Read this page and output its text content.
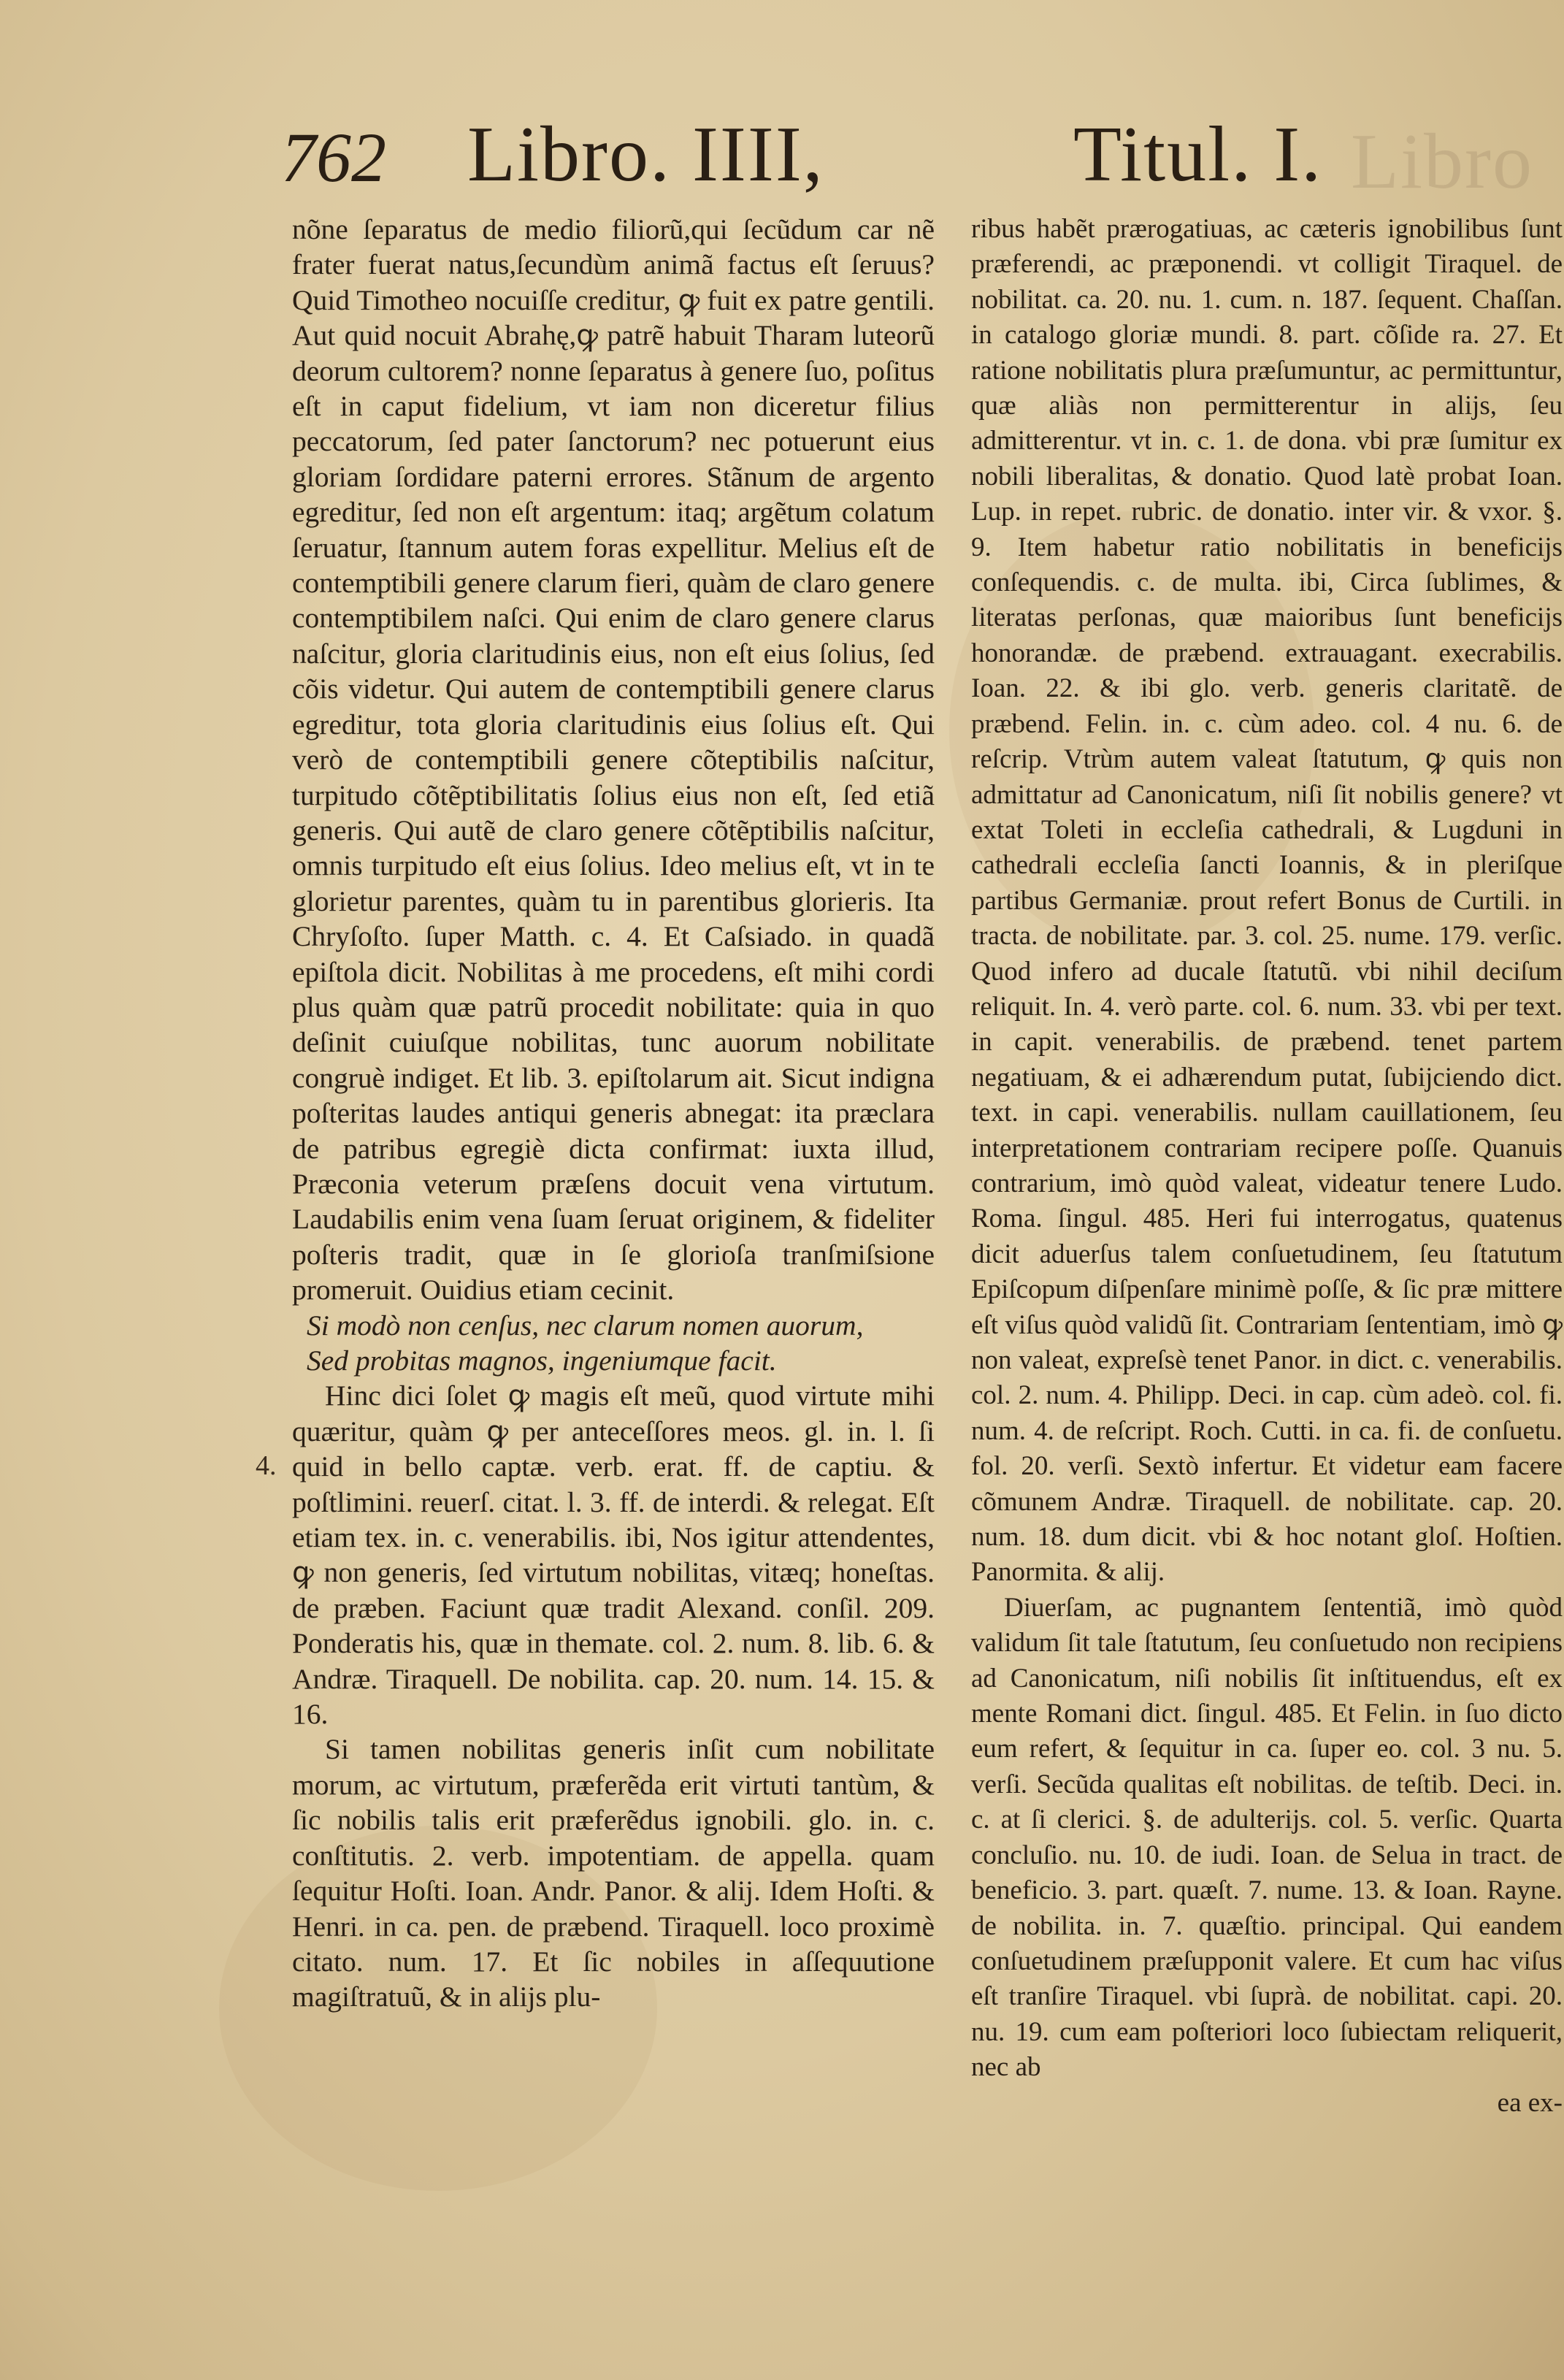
Libro
762 Libro. IIII,	Titul. I.

nõne ſeparatus de medio filiorũ,qui ſecũdum car nẽ frater fuerat natus,ſecundùm animã factus eſt ſeruus? Quid Timotheo nocuiſſe creditur, ꝙ fuit ex patre gentili. Aut quid nocuit Abrahę,ꝙ patrẽ habuit Tharam luteorũ deorum cultorem? nonne ſeparatus à genere ſuo, poſitus eſt in caput fidelium, vt iam non diceretur filius peccatorum, ſed pater ſanctorum? nec potuerunt eius gloriam ſordidare paterni errores. Stãnum de argento egreditur, ſed non eſt argentum: itaq; argẽtum colatum ſeruatur, ſtannum autem foras expellitur. Melius eſt de contemptibili genere clarum fieri, quàm de claro genere contemptibilem naſci. Qui enim de claro genere clarus naſcitur, gloria claritudinis eius, non eſt eius ſolius, ſed cõis videtur. Qui autem de contemptibili genere clarus egreditur, tota gloria claritudinis eius ſolius eſt. Qui verò de contemptibili genere cõteptibilis naſcitur, turpitudo cõtẽptibilitatis ſolius eius non eſt, ſed etiã generis. Qui autẽ de claro genere cõtẽptibilis naſcitur, omnis turpitudo eſt eius ſolius. Ideo melius eſt, vt in te glorietur parentes, quàm tu in parentibus glorieris. Ita Chryſoſto. ſuper Matth. c. 4. Et Caſsiado. in quadã epiſtola dicit. Nobilitas à me procedens, eſt mihi cordi plus quàm quæ patrũ procedit nobilitate: quia in quo deſinit cuiuſque nobilitas, tunc auorum nobilitate congruè indiget. Et lib. 3. epiſtolarum ait. Sicut indigna poſteritas laudes antiqui generis abnegat: ita præclara de patribus egregiè dicta confirmat: iuxta illud, Præconia veterum præſens docuit vena virtutum. Laudabilis enim vena ſuam ſeruat originem, & fideliter poſteris tradit, quæ in ſe glorioſa tranſmiſsione promeruit. Ouidius etiam cecinit.

Si modò non cenſus, nec clarum nomen auorum,

Sed probitas magnos, ingeniumque facit.

Hinc dici ſolet ꝙ magis eſt meũ, quod virtute mihi quæritur, quàm ꝙ per anteceſſores meos. gl. in. l. ſi quid in bello captæ. verb. erat. ff. de captiu. & poſtlimini. reuerſ. citat. l. 3. ff. de interdi. & relegat. Eſt etiam tex. in. c. venerabilis. ibi, Nos igitur attendentes, ꝙ non generis, ſed virtutum nobilitas, vitæq; honeſtas. de præben. Faciunt quæ tradit Alexand. conſil. 209. Ponderatis his, quæ in themate. col. 2. num. 8. lib. 6. & Andræ. Tiraquell. De nobilita. cap. 20. num. 14. 15. & 16.

Si tamen nobilitas generis inſit cum nobilitate morum, ac virtutum, præferẽda erit virtuti tantùm, & ſic nobilis talis erit præferẽdus ignobili. glo. in. c. conſtitutis. 2. verb. impotentiam. de appella. quam ſequitur Hoſti. Ioan. Andr. Panor. & alij. Idem Hoſti. & Henri. in ca. pen. de præbend. Tiraquell. loco proximè citato. num. 17. Et ſic nobiles in aſſequutione magiſtratuũ, & in alijs plu-

4.

ribus habẽt prærogatiuas, ac cæteris ignobilibus ſunt præferendi, ac præponendi. vt colligit Tiraquel. de nobilitat. ca. 20. nu. 1. cum. n. 187. ſequent. Chaſſan. in catalogo gloriæ mundi. 8. part. cõſide ra. 27. Et ratione nobilitatis plura præſumuntur, ac permittuntur, quæ aliàs non permitterentur in alijs, ſeu admitterentur. vt in. c. 1. de dona. vbi præ ſumitur ex nobili liberalitas, & donatio. Quod latè probat Ioan. Lup. in repet. rubric. de donatio. inter vir. & vxor. §. 9. Item habetur ratio nobilitatis in beneficijs conſequendis. c. de multa. ibi, Circa ſublimes, & literatas perſonas, quæ maioribus ſunt beneficijs honorandæ. de præbend. extrauagant. execrabilis. Ioan. 22. & ibi glo. verb. generis claritatẽ. de præbend. Felin. in. c. cùm adeo. col. 4 nu. 6. de reſcrip. Vtrùm autem valeat ſtatutum, ꝙ quis non admittatur ad Canonicatum, niſi ſit nobilis genere? vt extat Toleti in eccleſia cathedrali, & Lugduni in cathedrali eccleſia ſancti Ioannis, & in pleriſque partibus Germaniæ. prout refert Bonus de Curtili. in tracta. de nobilitate. par. 3. col. 25. nume. 179. verſic. Quod infero ad ducale ſtatutũ. vbi nihil deciſum reliquit. In. 4. verò parte. col. 6. num. 33. vbi per text. in capit. venerabilis. de præbend. tenet partem negatiuam, & ei adhærendum putat, ſubijciendo dict. text. in capi. venerabilis. nullam cauillationem, ſeu interpretationem contrariam recipere poſſe. Quanuis contrarium, imò quòd valeat, videatur tenere Ludo. Roma. ſingul. 485. Heri fui interrogatus, quatenus dicit aduerſus talem conſuetudinem, ſeu ſtatutum Epiſcopum diſpenſare minimè poſſe, & ſic præ mittere eſt viſus quòd validũ ſit. Contrariam ſententiam, imò ꝙ non valeat, expreſsè tenet Panor. in dict. c. venerabilis. col. 2. num. 4. Philipp. Deci. in cap. cùm adeò. col. fi. num. 4. de reſcript. Roch. Cutti. in ca. fi. de conſuetu. fol. 20. verſi. Sextò infertur. Et videtur eam facere cõmunem Andræ. Tiraquell. de nobilitate. cap. 20. num. 18. dum dicit. vbi & hoc notant gloſ. Hoſtien. Panormita. & alij.

Diuerſam, ac pugnantem ſententiã, imò quòd validum ſit tale ſtatutum, ſeu conſuetudo non recipiens ad Canonicatum, niſi nobilis ſit inſtituendus, eſt ex mente Romani dict. ſingul. 485. Et Felin. in ſuo dicto eum refert, & ſequitur in ca. ſuper eo. col. 3 nu. 5. verſi. Secũda qualitas eſt nobilitas. de teſtib. Deci. in. c. at ſi clerici. §. de adulterijs. col. 5. verſic. Quarta concluſio. nu. 10. de iudi. Ioan. de Selua in tract. de beneficio. 3. part. quæſt. 7. nume. 13. & Ioan. Rayne. de nobilita. in. 7. quæſtio. principal. Qui eandem conſuetudinem præſupponit valere. Et cum hac viſus eſt tranſire Tiraquel. vbi ſuprà. de nobilitat. capi. 20. nu. 19. cum eam poſteriori loco ſubiectam reliquerit, nec ab

ea ex-
